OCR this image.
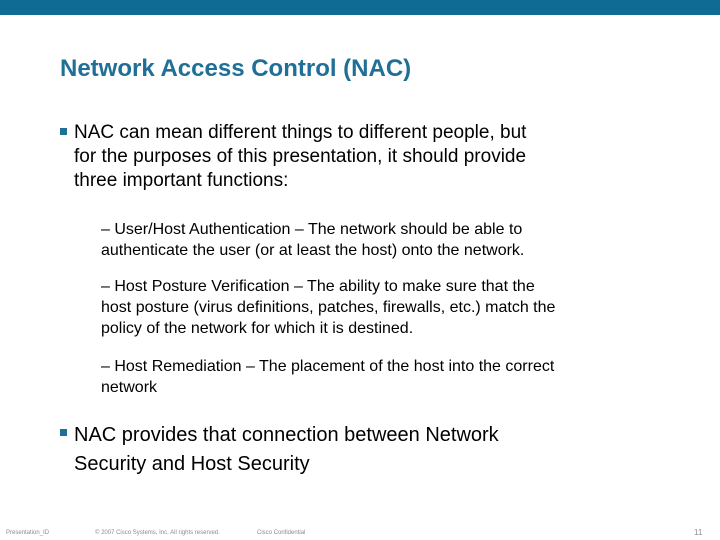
Network Access Control (NAC)
NAC can mean different things to different people, but
for the purposes of this presentation, it should provide
three important functions:
– User/Host Authentication – The network should be able to
authenticate the user (or at least the host) onto the network.
– Host Posture Verification – The ability to make sure that the
host posture (virus definitions, patches, firewalls, etc.) match the
policy of the network for which it is destined.
– Host Remediation – The placement of the host into the correct
network
NAC provides that connection between Network
Security and Host Security
Presentation_ID	© 2007 Cisco Systems, Inc. All rights reserved.	Cisco Confidential	11
